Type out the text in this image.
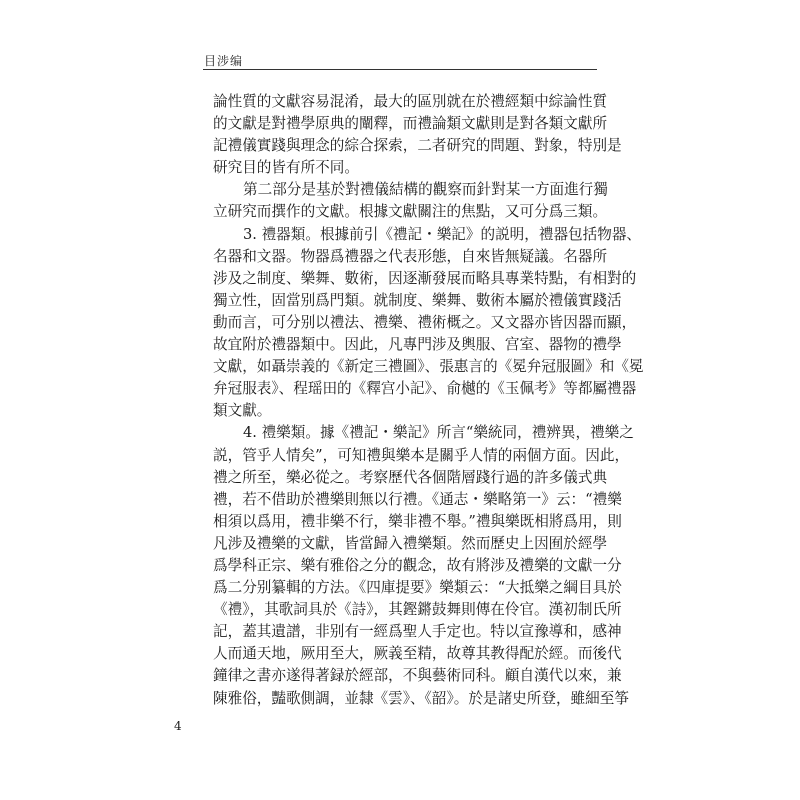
目涉编
論性質的文獻容易混淆，最大的區別就在於禮經類中綜論性質
的文獻是對禮學原典的闡釋，而禮論類文獻則是對各類文獻所
記禮儀實踐與理念的綜合探索，二者研究的問題、對象，特別是
研究目的皆有所不同。
第二部分是基於對禮儀結構的觀察而針對某一方面進行獨
立研究而撰作的文獻。根據文獻關注的焦點，又可分爲三類。
3. 禮器類。根據前引《禮記・樂記》的説明，禮器包括物器、
名器和文器。物器爲禮器之代表形態，自來皆無疑議。名器所
涉及之制度、樂舞、數術，因逐漸發展而略具專業特點，有相對的
獨立性，固當别爲門類。就制度、樂舞、數術本屬於禮儀實踐活
動而言，可分别以禮法、禮樂、禮術概之。又文器亦皆因器而顯，
故宜附於禮器類中。因此，凡專門涉及輿服、宫室、器物的禮學
文獻，如聶崇義的《新定三禮圖》、張惠言的《冕弁冠服圖》和《冕
弁冠服表》、程瑶田的《釋宫小記》、俞樾的《玉佩考》等都屬禮器
類文獻。
4. 禮樂類。據《禮記・樂記》所言“樂統同，禮辨異，禮樂之
説，管乎人情矣”，可知禮與樂本是關乎人情的兩個方面。因此，
禮之所至，樂必從之。考察歷代各個階層踐行過的許多儀式典
禮，若不借助於禮樂則無以行禮。《通志・樂略第一》云：“禮樂
相須以爲用，禮非樂不行，樂非禮不舉。”禮與樂既相將爲用，則
凡涉及禮樂的文獻，皆當歸入禮樂類。然而歷史上因囿於經學
爲學科正宗、樂有雅俗之分的觀念，故有將涉及禮樂的文獻一分
爲二分别纂輯的方法。《四庫提要》樂類云：“大抵樂之綱目具於
《禮》，其歌詞具於《詩》，其鏗鏘鼓舞則傳在伶官。漢初制氏所
記，蓋其遺譜，非别有一經爲聖人手定也。特以宣豫導和，感神
人而通天地，厥用至大，厥義至精，故尊其教得配於經。而後代
鐘律之書亦遂得著録於經部，不與藝術同科。顧自漢代以來，兼
陳雅俗，豔歌側調，並隸《雲》、《韶》。於是諸史所登，雖細至筝
4
